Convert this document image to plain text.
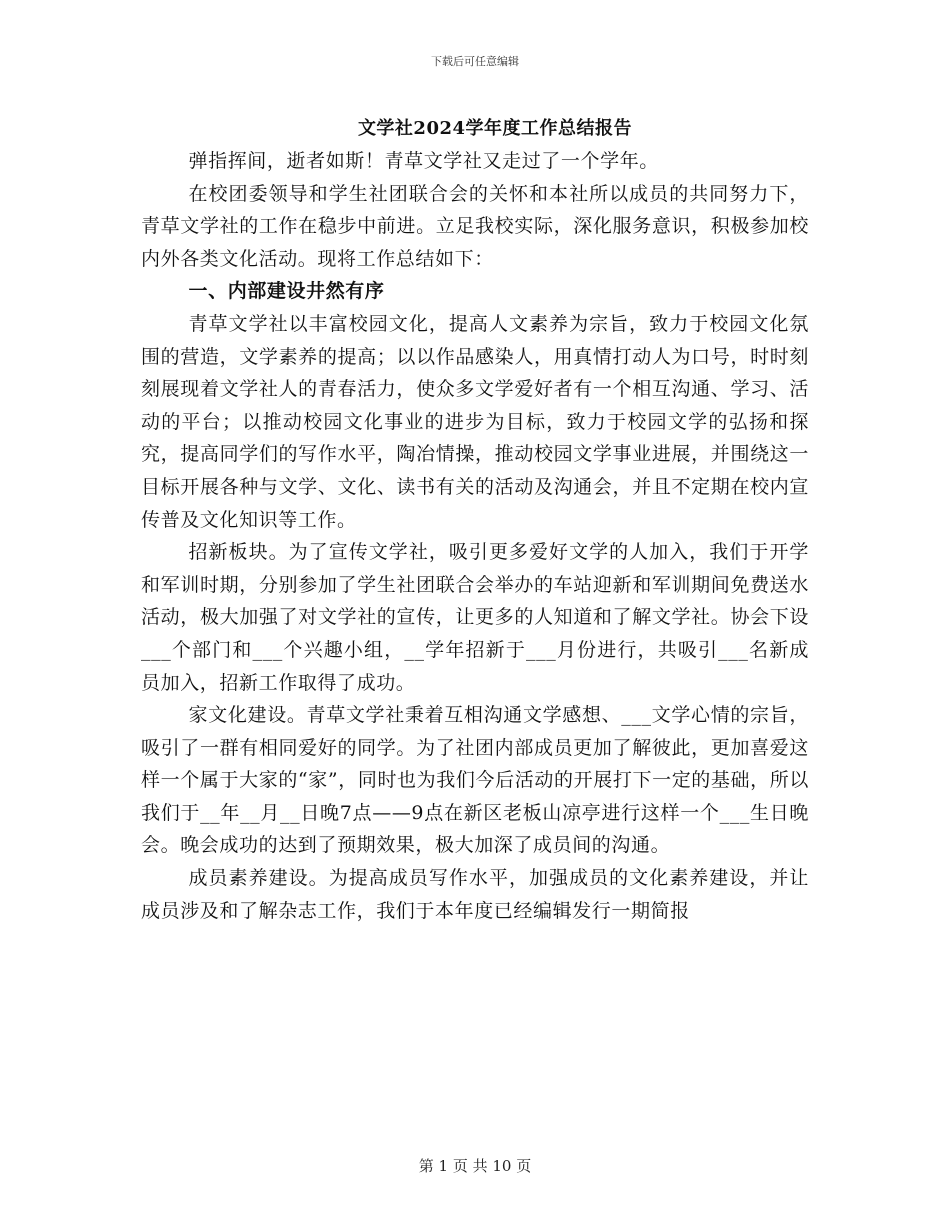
下载后可任意编辑
文学社2024学年度工作总结报告

弹指挥间，逝者如斯！青草文学社又走过了一个学年。

在校团委领导和学生社团联合会的关怀和本社所以成员的共同努力下，青草文学社的工作在稳步中前进。立足我校实际，深化服务意识，积极参加校内外各类文化活动。现将工作总结如下：

一、内部建设井然有序

青草文学社以丰富校园文化，提高人文素养为宗旨，致力于校园文化氛围的营造，文学素养的提高；以以作品感染人，用真情打动人为口号，时时刻刻展现着文学社人的青春活力，使众多文学爱好者有一个相互沟通、学习、活动的平台；以推动校园文化事业的进步为目标，致力于校园文学的弘扬和探究，提高同学们的写作水平，陶冶情操，推动校园文学事业进展，并围绕这一目标开展各种与文学、文化、读书有关的活动及沟通会，并且不定期在校内宣传普及文化知识等工作。

招新板块。为了宣传文学社，吸引更多爱好文学的人加入，我们于开学和军训时期，分别参加了学生社团联合会举办的车站迎新和军训期间免费送水活动，极大加强了对文学社的宣传，让更多的人知道和了解文学社。协会下设___个部门和___个兴趣小组，__学年招新于___月份进行，共吸引___名新成员加入，招新工作取得了成功。

家文化建设。青草文学社秉着互相沟通文学感想、___文学心情的宗旨，吸引了一群有相同爱好的同学。为了社团内部成员更加了解彼此，更加喜爱这样一个属于大家的“家”，同时也为我们今后活动的开展打下一定的基础，所以我们于__年__月__日晚7点——9点在新区老板山凉亭进行这样一个___生日晚会。晚会成功的达到了预期效果，极大加深了成员间的沟通。

成员素养建设。为提高成员写作水平，加强成员的文化素养建设，并让成员涉及和了解杂志工作，我们于本年度已经编辑发行一期简报

第 1 页 共 10 页
